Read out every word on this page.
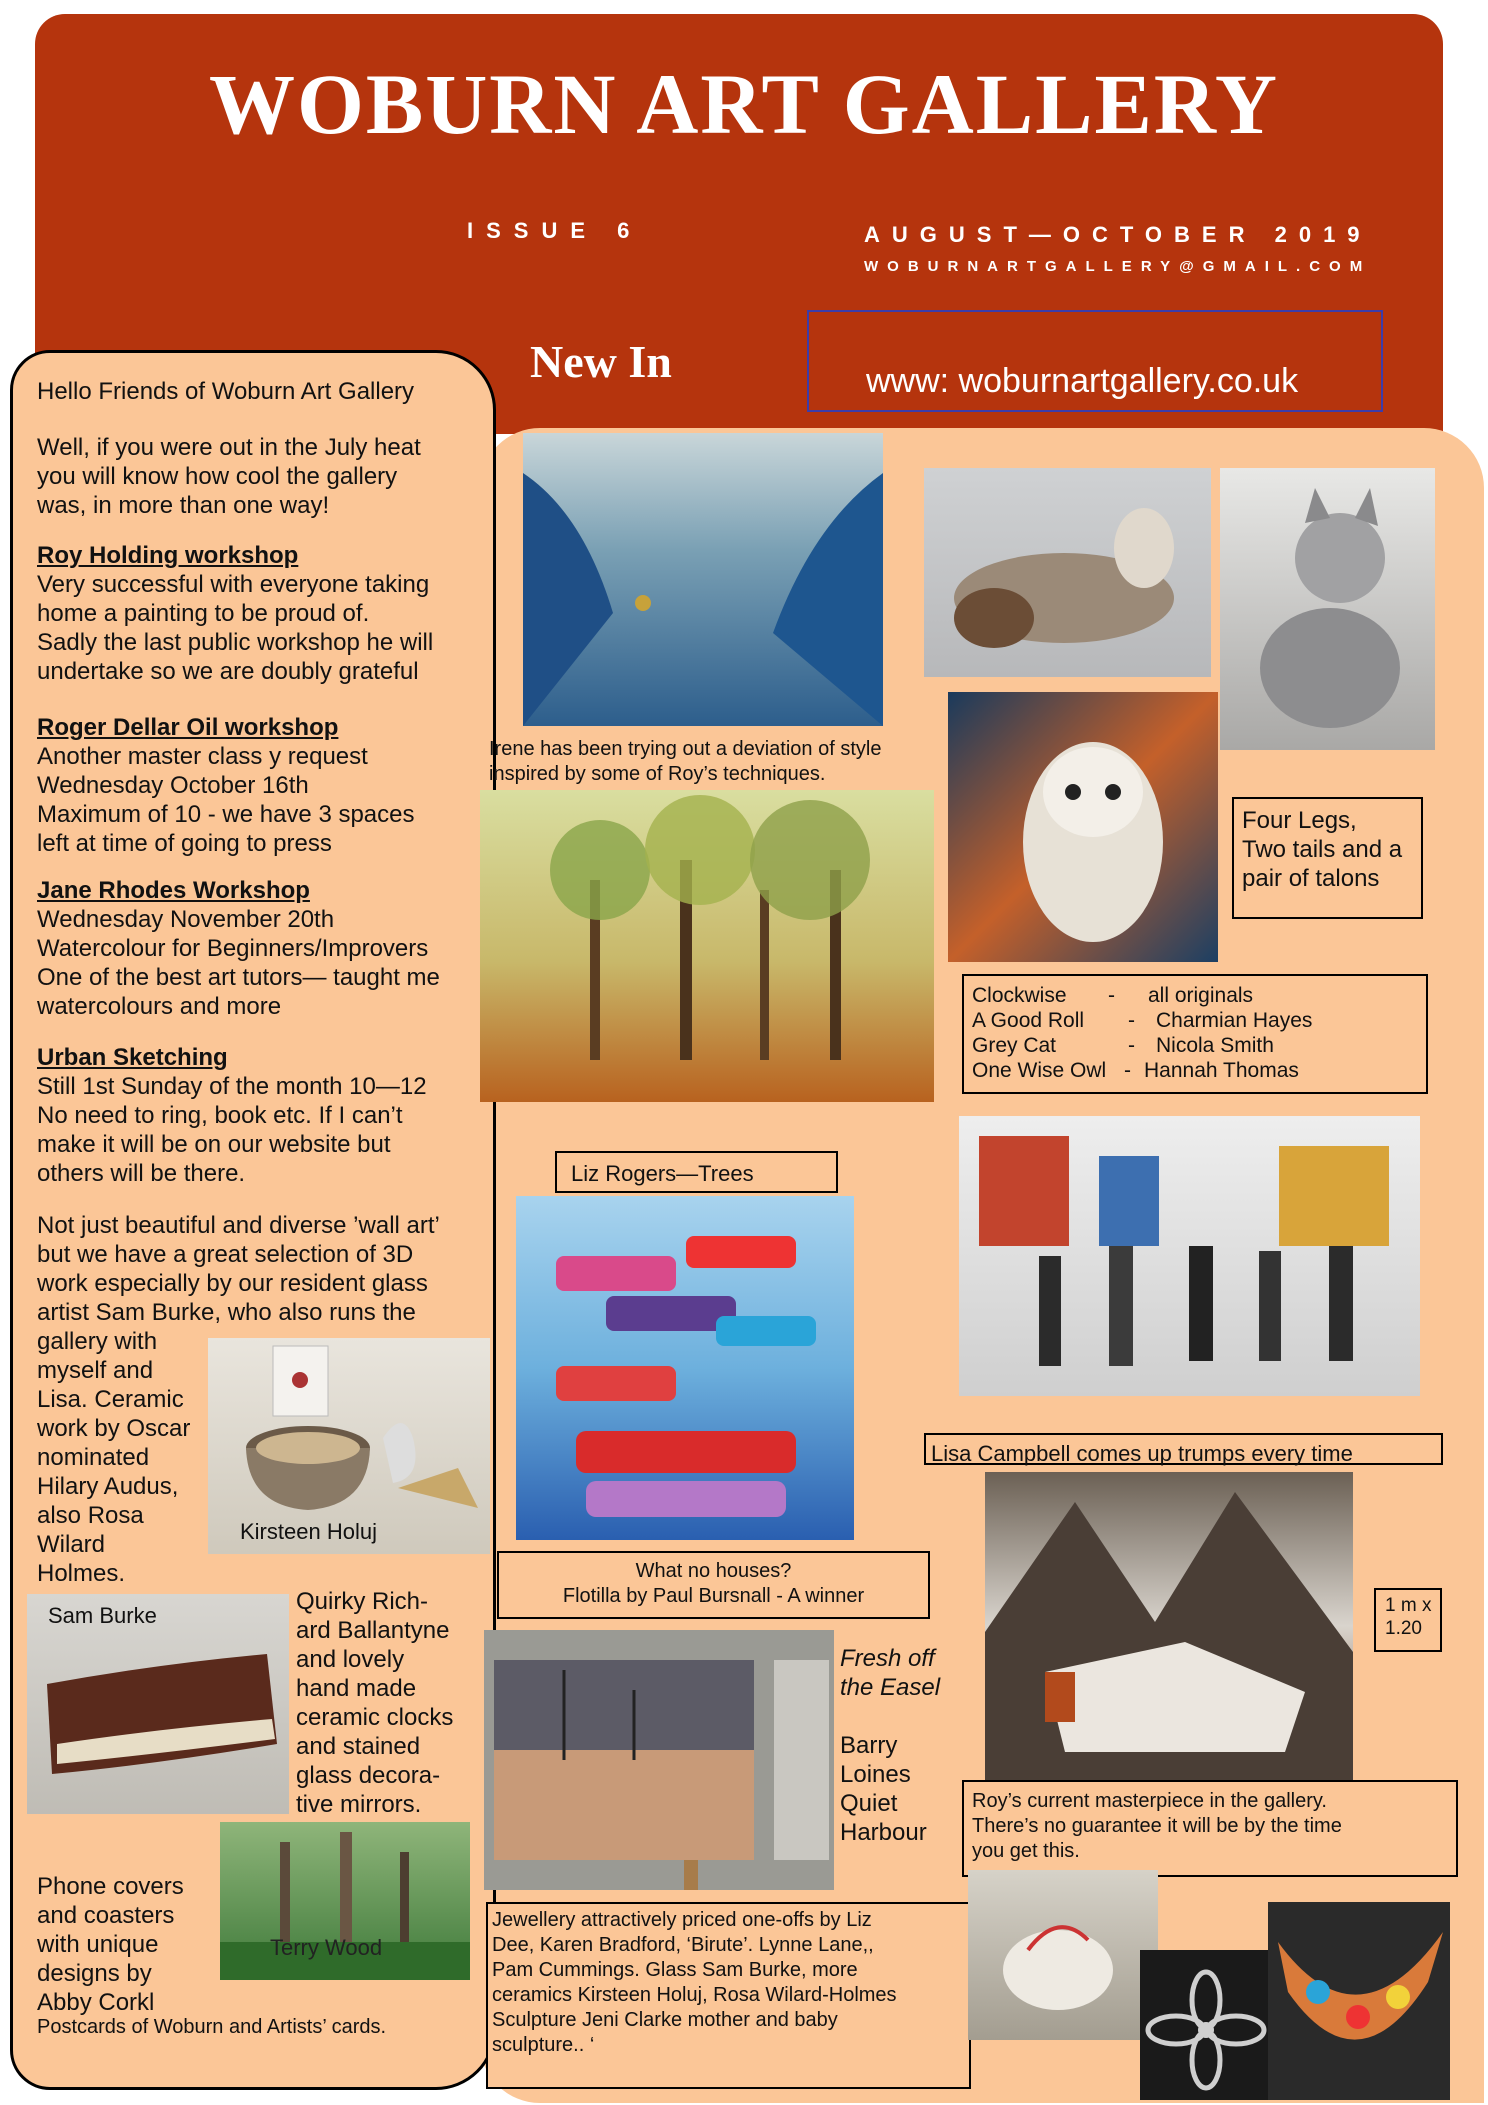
WOBURN ART GALLERY
ISSUE 6	AUGUST—OCTOBER 2019
WOBURNARTGALLERY@GMAIL.COM
www: woburnartgallery.co.uk
New In
Hello Friends of Woburn Art Gallery
Well, if you were out in the July heat
you will know how cool the gallery
was, in more than one way!
Roy Holding workshop
Very successful with everyone taking
home a painting to be proud of.
Sadly the last public workshop he will
undertake so we are doubly grateful
Roger Dellar Oil workshop
Another master class y request
Wednesday October 16th
Maximum of 10 - we have 3 spaces
left at time of going to press
Jane Rhodes Workshop
Wednesday November 20th
Watercolour for Beginners/Improvers
One of the best art tutors— taught me
watercolours and more
Urban Sketching
Still 1st Sunday of the month 10—12
No need to ring, book etc. If I can’t
make it will be on our website but
others will be there.
Not just beautiful and diverse ’wall art’
but we have a great selection of 3D
work especially by our resident glass
artist Sam Burke, who also runs the
gallery with
myself and
Lisa. Ceramic
work by Oscar
nominated
Hilary Audus,
also Rosa
Wilard
Holmes.
Kirsteen Holuj
Sam Burke
Quirky Rich-
ard Ballantyne
and lovely
hand made
ceramic clocks
and stained
glass decora-
tive mirrors.
Terry Wood
Phone covers
and coasters
with unique
designs by
Abby Corkl
Postcards of Woburn and Artists’ cards.
Irene has been trying out a deviation of style
inspired by some of Roy’s techniques.
Liz Rogers—Trees
What no houses?
Flotilla by Paul Bursnall - A winner
Fresh off
the Easel
Barry
Loines
Quiet
Harbour
Jewellery attractively priced one-offs by Liz
Dee, Karen Bradford, ‘Birute’. Lynne Lane,,
Pam Cummings. Glass Sam Burke, more
ceramics Kirsteen Holuj, Rosa Wilard-Holmes
Sculpture Jeni Clarke mother and baby
sculpture.. ‘
Four Legs,
Two tails and a
pair of talons
Clockwise	-	all originals
A Good Roll	-	Charmian Hayes
Grey Cat	-	Nicola Smith
One Wise Owl - Hannah Thomas
Lisa Campbell comes up trumps every time
1 m x
1.20
Roy’s current masterpiece in the gallery.
There’s no guarantee it will be by the time
you get this.
